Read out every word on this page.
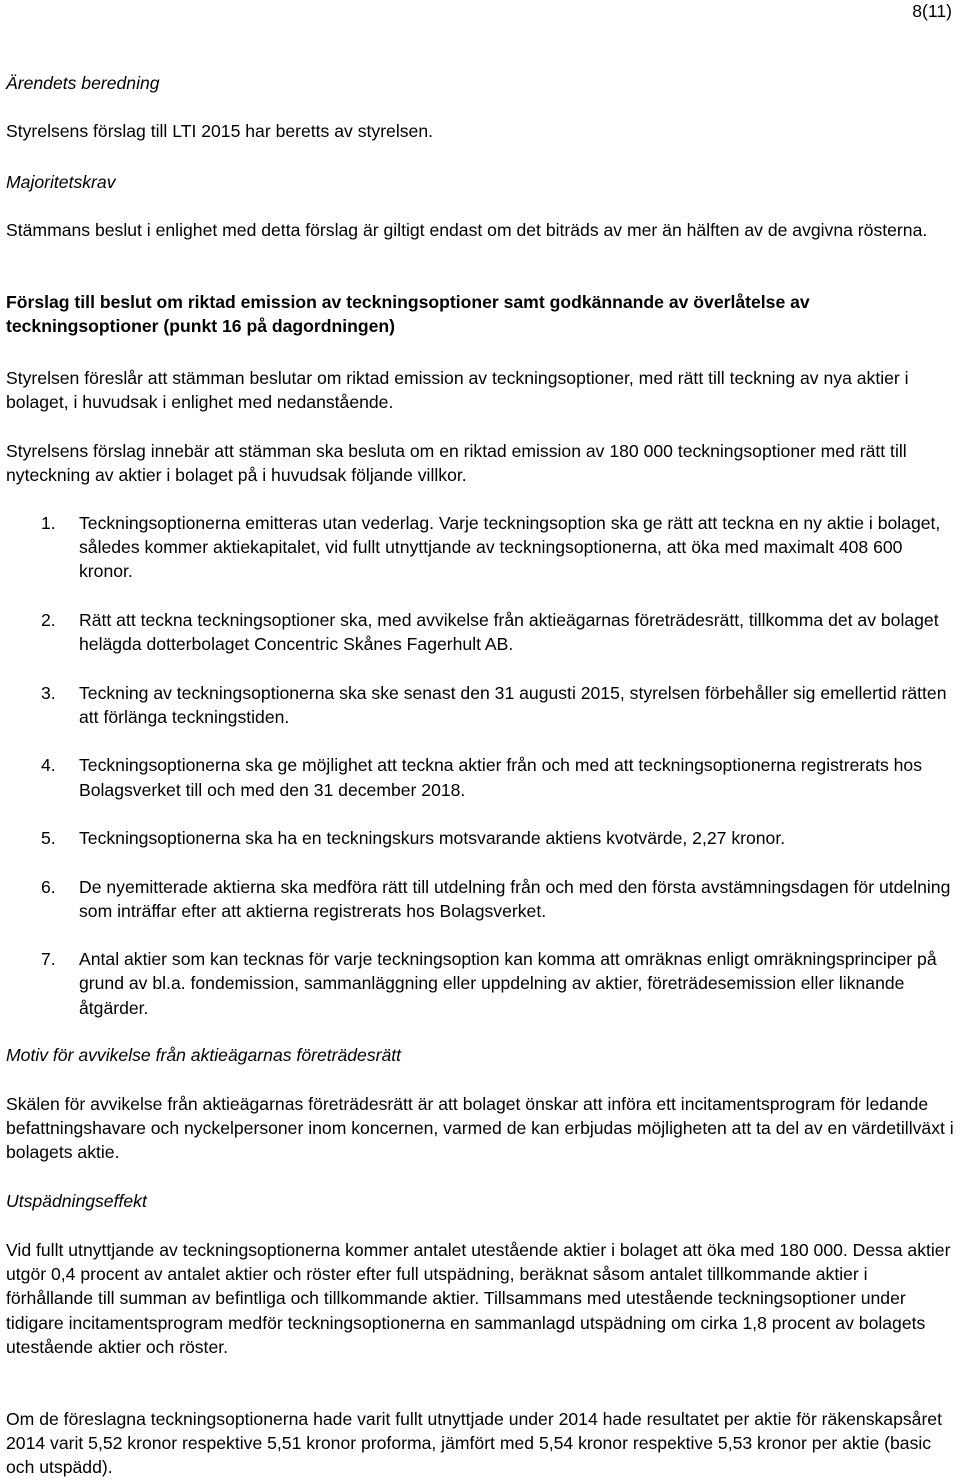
8(11)

Ärendets beredning

Styrelsens förslag till LTI 2015 har beretts av styrelsen.

Majoritetskrav

Stämmans beslut i enlighet med detta förslag är giltigt endast om det biträds av mer än hälften av de avgivna rösterna.

Förslag till beslut om riktad emission av teckningsoptioner samt godkännande av överlåtelse av teckningsoptioner (punkt 16 på dagordningen)

Styrelsen föreslår att stämman beslutar om riktad emission av teckningsoptioner, med rätt till teckning av nya aktier i bolaget, i huvudsak i enlighet med nedanstående.

Styrelsens förslag innebär att stämman ska besluta om en riktad emission av 180 000 teckningsoptioner med rätt till nyteckning av aktier i bolaget på i huvudsak följande villkor.

1. Teckningsoptionerna emitteras utan vederlag. Varje teckningsoption ska ge rätt att teckna en ny aktie i bolaget, således kommer aktiekapitalet, vid fullt utnyttjande av teckningsoptionerna, att öka med maximalt 408 600 kronor.
2. Rätt att teckna teckningsoptioner ska, med avvikelse från aktieägarnas företrädesrätt, tillkomma det av bolaget helägda dotterbolaget Concentric Skånes Fagerhult AB.
3. Teckning av teckningsoptionerna ska ske senast den 31 augusti 2015, styrelsen förbehåller sig emellertid rätten att förlänga teckningstiden.
4. Teckningsoptionerna ska ge möjlighet att teckna aktier från och med att teckningsoptionerna registrerats hos Bolagsverket till och med den 31 december 2018.
5. Teckningsoptionerna ska ha en teckningskurs motsvarande aktiens kvotvärde, 2,27 kronor.
6. De nyemitterade aktierna ska medföra rätt till utdelning från och med den första avstämningsdagen för utdelning som inträffar efter att aktierna registrerats hos Bolagsverket.
7. Antal aktier som kan tecknas för varje teckningsoption kan komma att omräknas enligt omräkningsprinciper på grund av bl.a. fondemission, sammanläggning eller uppdelning av aktier, företrädesemission eller liknande åtgärder.

Motiv för avvikelse från aktieägarnas företrädesrätt

Skälen för avvikelse från aktieägarnas företrädesrätt är att bolaget önskar att införa ett incitamentsprogram för ledande befattningshavare och nyckelpersoner inom koncernen, varmed de kan erbjudas möjligheten att ta del av en värdetillväxt i bolagets aktie.

Utspädningseffekt

Vid fullt utnyttjande av teckningsoptionerna kommer antalet utestående aktier i bolaget att öka med 180 000. Dessa aktier utgör 0,4 procent av antalet aktier och röster efter full utspädning, beräknat såsom antalet tillkommande aktier i förhållande till summan av befintliga och tillkommande aktier. Tillsammans med utestående teckningsoptioner under tidigare incitamentsprogram medför teckningsoptionerna en sammanlagd utspädning om cirka 1,8 procent av bolagets utestående aktier och röster.

Om de föreslagna teckningsoptionerna hade varit fullt utnyttjade under 2014 hade resultatet per aktie för räkenskapsåret 2014 varit 5,52 kronor respektive 5,51 kronor proforma, jämfört med 5,54 kronor respektive 5,53 kronor per aktie (basic och utspädd).
